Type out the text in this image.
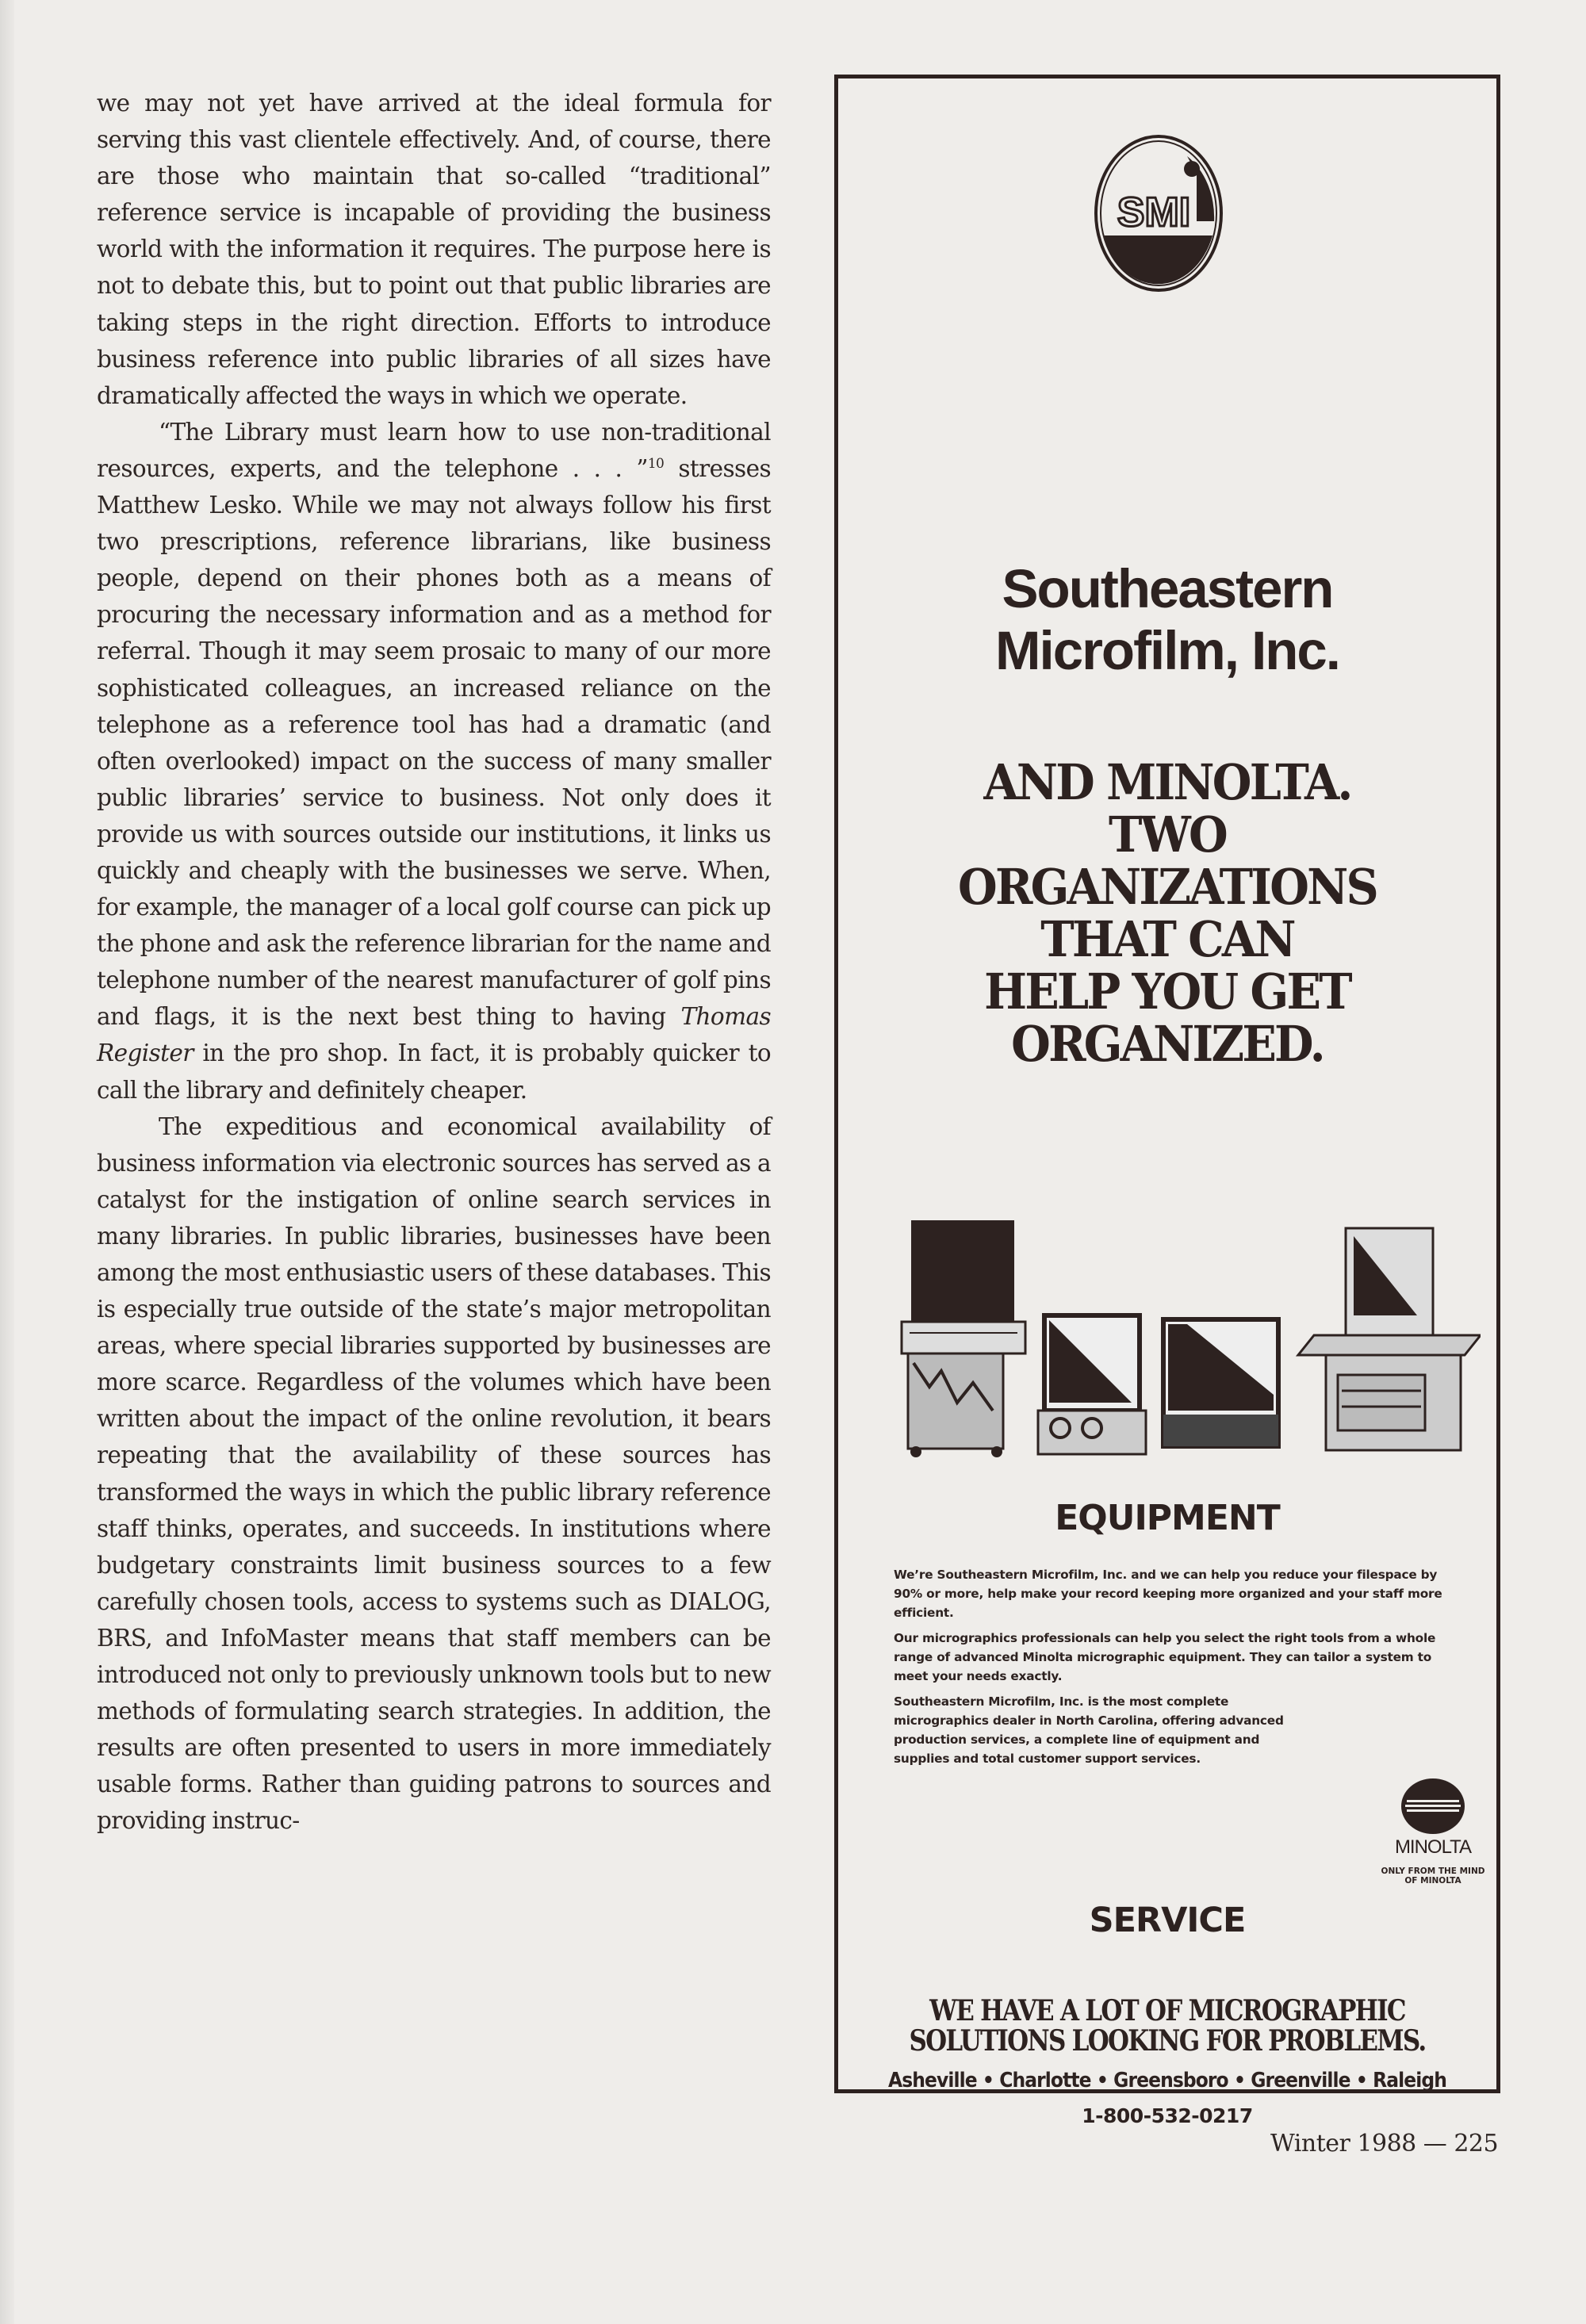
we may not yet have arrived at the ideal formula for serving this vast clientele effectively. And, of course, there are those who maintain that so-called “traditional” reference service is incapable of providing the business world with the information it requires. The purpose here is not to debate this, but to point out that public libraries are taking steps in the right direction. Efforts to introduce business reference into public libraries of all sizes have dramatically affected the ways in which we operate.

“The Library must learn how to use non-traditional resources, experts, and the telephone . . . ”$^{10}$ stresses Matthew Lesko. While we may not always follow his first two prescriptions, reference librarians, like business people, depend on their phones both as a means of procuring the necessary information and as a method for referral. Though it may seem prosaic to many of our more sophisticated colleagues, an increased reliance on the telephone as a reference tool has had a dramatic (and often overlooked) impact on the success of many smaller public libraries’ service to business. Not only does it provide us with sources outside our institutions, it links us quickly and cheaply with the businesses we serve. When, for example, the manager of a local golf course can pick up the phone and ask the reference librarian for the name and telephone number of the nearest manufacturer of golf pins and flags, it is the next best thing to having Thomas Register in the pro shop. In fact, it is probably quicker to call the library and definitely cheaper.

The expeditious and economical availability of business information via electronic sources has served as a catalyst for the instigation of online search services in many libraries. In public libraries, businesses have been among the most enthusiastic users of these databases. This is especially true outside of the state’s major metropolitan areas, where special libraries supported by businesses are more scarce. Regardless of the volumes which have been written about the impact of the online revolution, it bears repeating that the availability of these sources has transformed the ways in which the public library reference staff thinks, operates, and succeeds. In institutions where budgetary constraints limit business sources to a few carefully chosen tools, access to systems such as DIALOG, BRS, and InfoMaster means that staff members can be introduced not only to previously unknown tools but to new methods of formulating search strategies. In addition, the results are often presented to users in more immediately usable forms. Rather than guiding patrons to sources and providing instruc-

SMI
Southeastern
Microfilm, Inc.
AND MINOLTA.
TWO
ORGANIZATIONS
THAT CAN
HELP YOU GET
ORGANIZED.
EQUIPMENT

We’re Southeastern Microfilm, Inc. and we can help you reduce your filespace by 90% or more, help make your record keeping more organized and your staff more efficient.

Our micrographics professionals can help you select the right tools from a whole range of advanced Minolta micrographic equipment. They can tailor a system to meet your needs exactly.

Southeastern Microfilm, Inc. is the most complete micrographics dealer in North Carolina, offering advanced production services, a complete line of equipment and supplies and total customer support services.

MINOLTA
ONLY FROM THE MIND
OF MINOLTA
SERVICE
WE HAVE A LOT OF MICROGRAPHIC
SOLUTIONS LOOKING FOR PROBLEMS.
Asheville • Charlotte • Greensboro • Greenville • Raleigh
1-800-532-0217
Winter 1988 — 225
